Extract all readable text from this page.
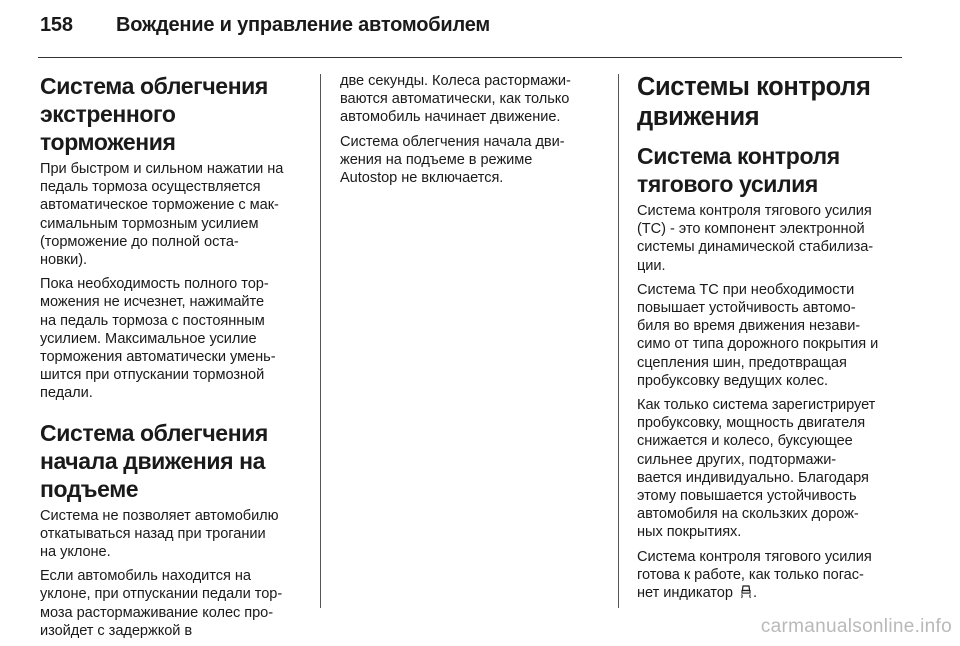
158	Вождение и управление автомобилем
Система облегчения
экстренного торможения

При быстром и сильном нажатии на
педаль тормоза осуществляется
автоматическое торможение с мак-
симальным тормозным усилием
(торможение до полной оста-
новки).

Пока необходимость полного тор-
можения не исчезнет, нажимайте
на педаль тормоза с постоянным
усилием. Максимальное усилие
торможения автоматически умень-
шится при отпускании тормозной
педали.

Система облегчения
начала движения на
подъеме

Система не позволяет автомобилю
откатываться назад при трогании
на уклоне.

Если автомобиль находится на
уклоне, при отпускании педали тор-
моза растормаживание колес про-
изойдет с задержкой в

две секунды. Колеса растормажи-
ваются автоматически, как только
автомобиль начинает движение.

Система облегчения начала дви-
жения на подъеме в режиме
Autostop не включается.

Системы контроля
движения
Система контроля
тягового усилия

Система контроля тягового усилия
(TC) - это компонент электронной
системы динамической стабилиза-
ции.

Система TC при необходимости
повышает устойчивость автомо-
биля во время движения незави-
симо от типа дорожного покрытия и
сцепления шин, предотвращая
пробуксовку ведущих колес.

Как только система зарегистрирует
пробуксовку, мощность двигателя
снижается и колесо, буксующее
сильнее других, подтормажи-
вается индивидуально. Благодаря
этому повышается устойчивость
автомобиля на скользких дорож-
ных покрытиях.

Система контроля тягового усилия
готова к работе, как только погас-
нет индикатор .

carmanualsonline.info
